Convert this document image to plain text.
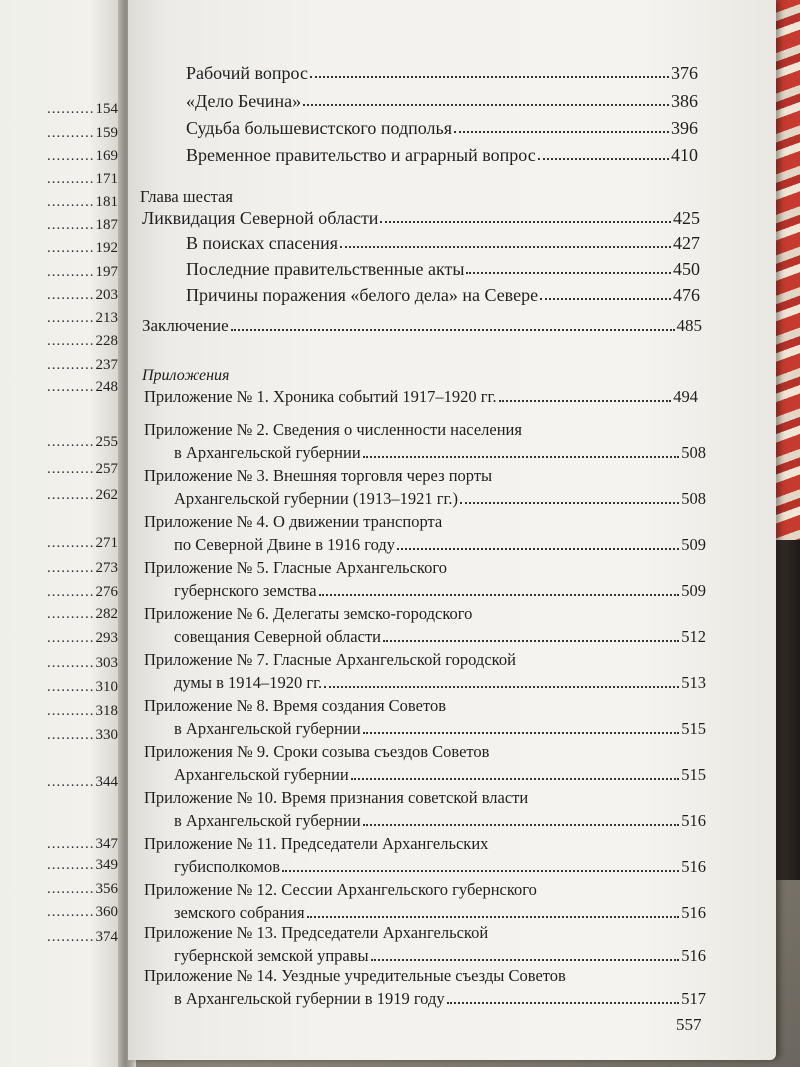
.......... 154
.......... 159
.......... 169
.......... 171
.......... 181
.......... 187
.......... 192
.......... 197
.......... 203
.......... 213
.......... 228
.......... 237
.......... 248
.......... 255
.......... 257
.......... 262
.......... 271
.......... 273
.......... 276
.......... 282
.......... 293
.......... 303
.......... 310
.......... 318
.......... 330
.......... 344
.......... 347
.......... 349
.......... 356
.......... 360
.......... 374
Рабочий вопрос	376
«Дело Бечина»	386
Судьба большевистского подполья	396
Временное правительство и аграрный вопрос	410
Глава шестая
Ликвидация Северной области	425
В поисках спасения	427
Последние правительственные акты	450
Причины поражения «белого дела» на Севере	476
Заключение	485
Приложения
Приложение № 1. Хроника событий 1917–1920 гг.	494
Приложение № 2. Сведения о численности населения
в Архангельской губернии	508
Приложение № 3. Внешняя торговля через порты
Архангельской губернии (1913–1921 гг.)	508
Приложение № 4. О движении транспорта
по Северной Двине в 1916 году	509
Приложение № 5. Гласные Архангельского
губернского земства	509
Приложение № 6. Делегаты земско-городского
совещания Северной области	512
Приложение № 7. Гласные Архангельской городской
думы в 1914–1920 гг.	513
Приложение № 8. Время создания Советов
в Архангельской губернии	515
Приложения № 9. Сроки созыва съездов Советов
Архангельской губернии	515
Приложение № 10. Время признания советской власти
в Архангельской губернии	516
Приложение № 11. Председатели Архангельских
губисполкомов	516
Приложение № 12. Сессии Архангельского губернского
земского собрания	516
Приложение № 13. Председатели Архангельской
губернской земской управы	516
Приложение № 14. Уездные учредительные съезды Советов
в Архангельской губернии в 1919 году	517
557
